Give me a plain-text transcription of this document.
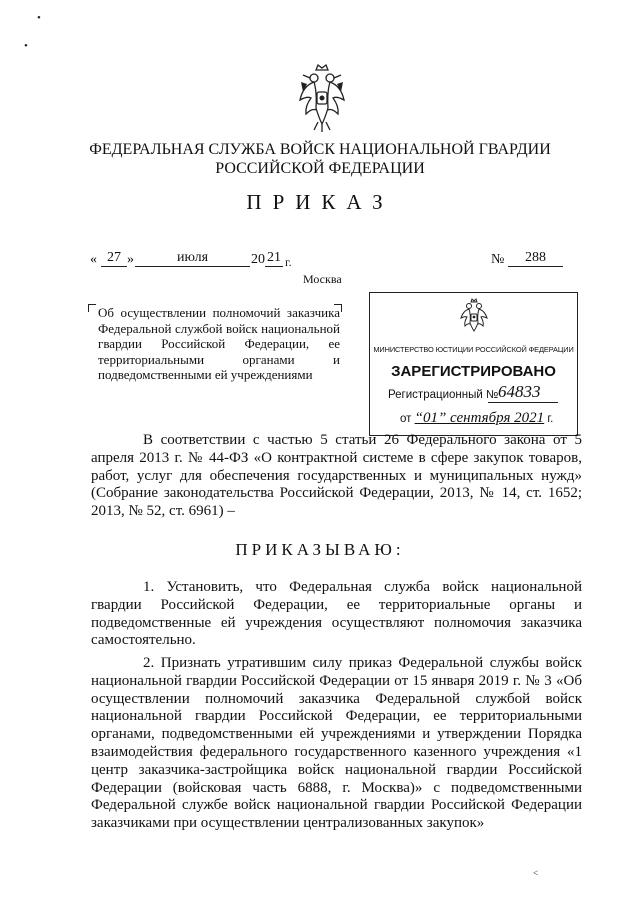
•
•
ФЕДЕРАЛЬНАЯ СЛУЖБА ВОЙСК НАЦИОНАЛЬНОЙ ГВАРДИИ
РОССИЙСКОЙ ФЕДЕРАЦИИ
ПРИКАЗ
« 27 »	июля	20 21 г.	№	288
Москва
Об осуществлении полномочий заказчика Федеральной службой войск национальной гвардии Российской Федерации, ее территориальными органами и подведомственными ей учреждениями
МИНИСТЕРСТВО ЮСТИЦИИ РОССИЙСКОЙ ФЕДЕРАЦИИ
ЗАРЕГИСТРИРОВАНО
Регистрационный № 64833
от “01” сентября 2021 г.
В соответствии с частью 5 статьи 26 Федерального закона от 5 апреля 2013 г. № 44-ФЗ «О контрактной системе в сфере закупок товаров, работ, услуг для обеспечения государственных и муниципальных нужд» (Собрание законодательства Российской Федерации, 2013, № 14, ст. 1652; 2013, № 52, ст. 6961) –
ПРИКАЗЫВАЮ:
1. Установить, что Федеральная служба войск национальной гвардии Российской Федерации, ее территориальные органы и подведомственные ей учреждения осуществляют полномочия заказчика самостоятельно.
2. Признать утратившим силу приказ Федеральной службы войск национальной гвардии Российской Федерации от 15 января 2019 г. № 3 «Об осуществлении полномочий заказчика Федеральной службой войск национальной гвардии Российской Федерации, ее территориальными органами, подведомственными ей учреждениями и утверждении Порядка взаимодействия федерального государственного казенного учреждения «1 центр заказчика-застройщика войск национальной гвардии Российской Федерации (войсковая часть 6888, г. Москва)» с подведомственными Федеральной службе войск национальной гвардии Российской Федерации заказчиками при осуществлении централизованных закупок»
˂
